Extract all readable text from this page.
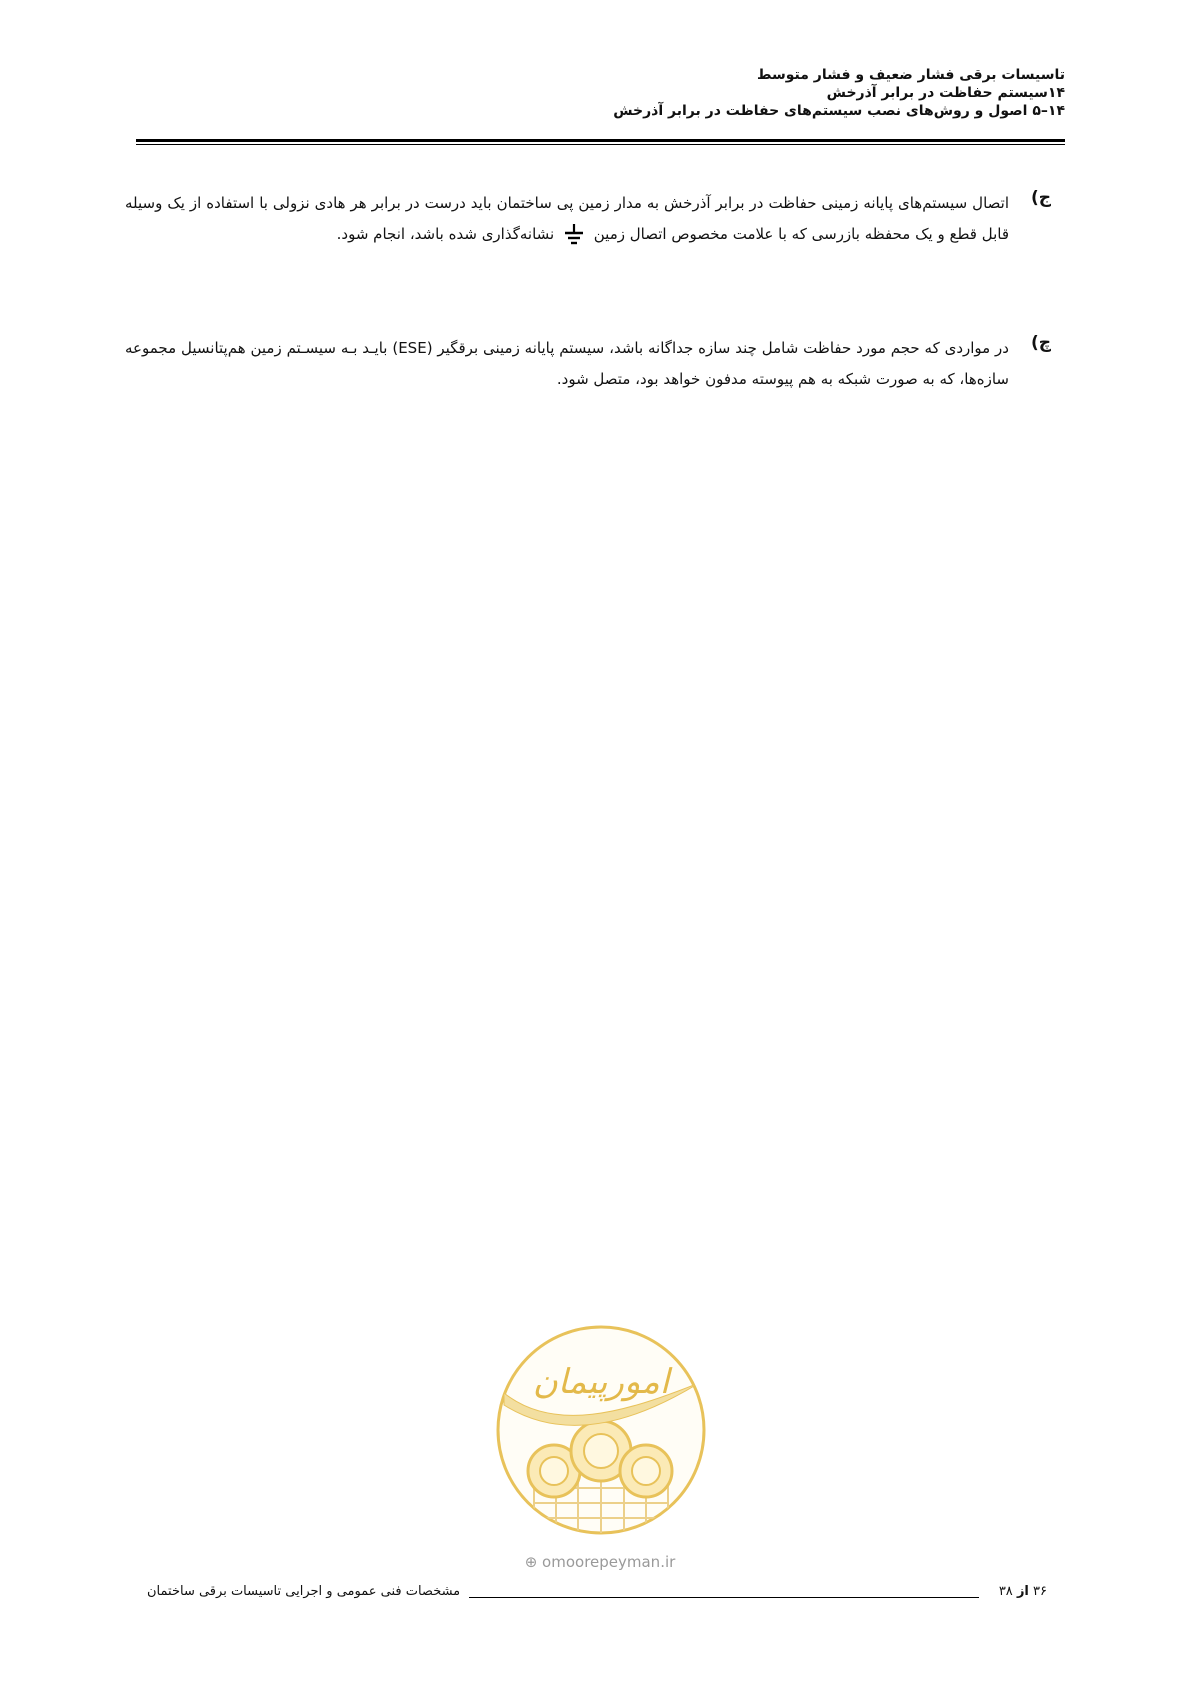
تاسیسات برقی فشار ضعیف و فشار متوسط
۱۴سیستم حفاظت در برابر آذرخش
۱۴–۵ اصول و روش‌های نصب سیستم‌های حفاظت در برابر آذرخش
ج)
اتصال سیستم‌های پایانه زمینی حفاظت در برابر آذرخش به مدار زمین پی ساختمان باید درست در برابر هر هادی نزولی با استفاده از یک وسیله قابل قطع و یک محفظه بازرسی که با علامت مخصوص اتصال زمین  نشانه‌گذاری شده باشد، انجام شود.
چ)
در مواردی که حجم مورد حفاظت شامل چند سازه جداگانه باشد، سیستم پایانه زمینی برقگیر (ESE) بایـد بـه سیسـتم زمین هم‌پتانسیل مجموعه سازه‌ها، که به صورت شبکه به هم پیوسته مدفون خواهد بود، متصل شود.
امورپیمان
⊕ omoorepeyman.ir
۳۶ از ۳۸
مشخصات فنی عمومی و اجرایی تاسیسات برقی ساختمان
